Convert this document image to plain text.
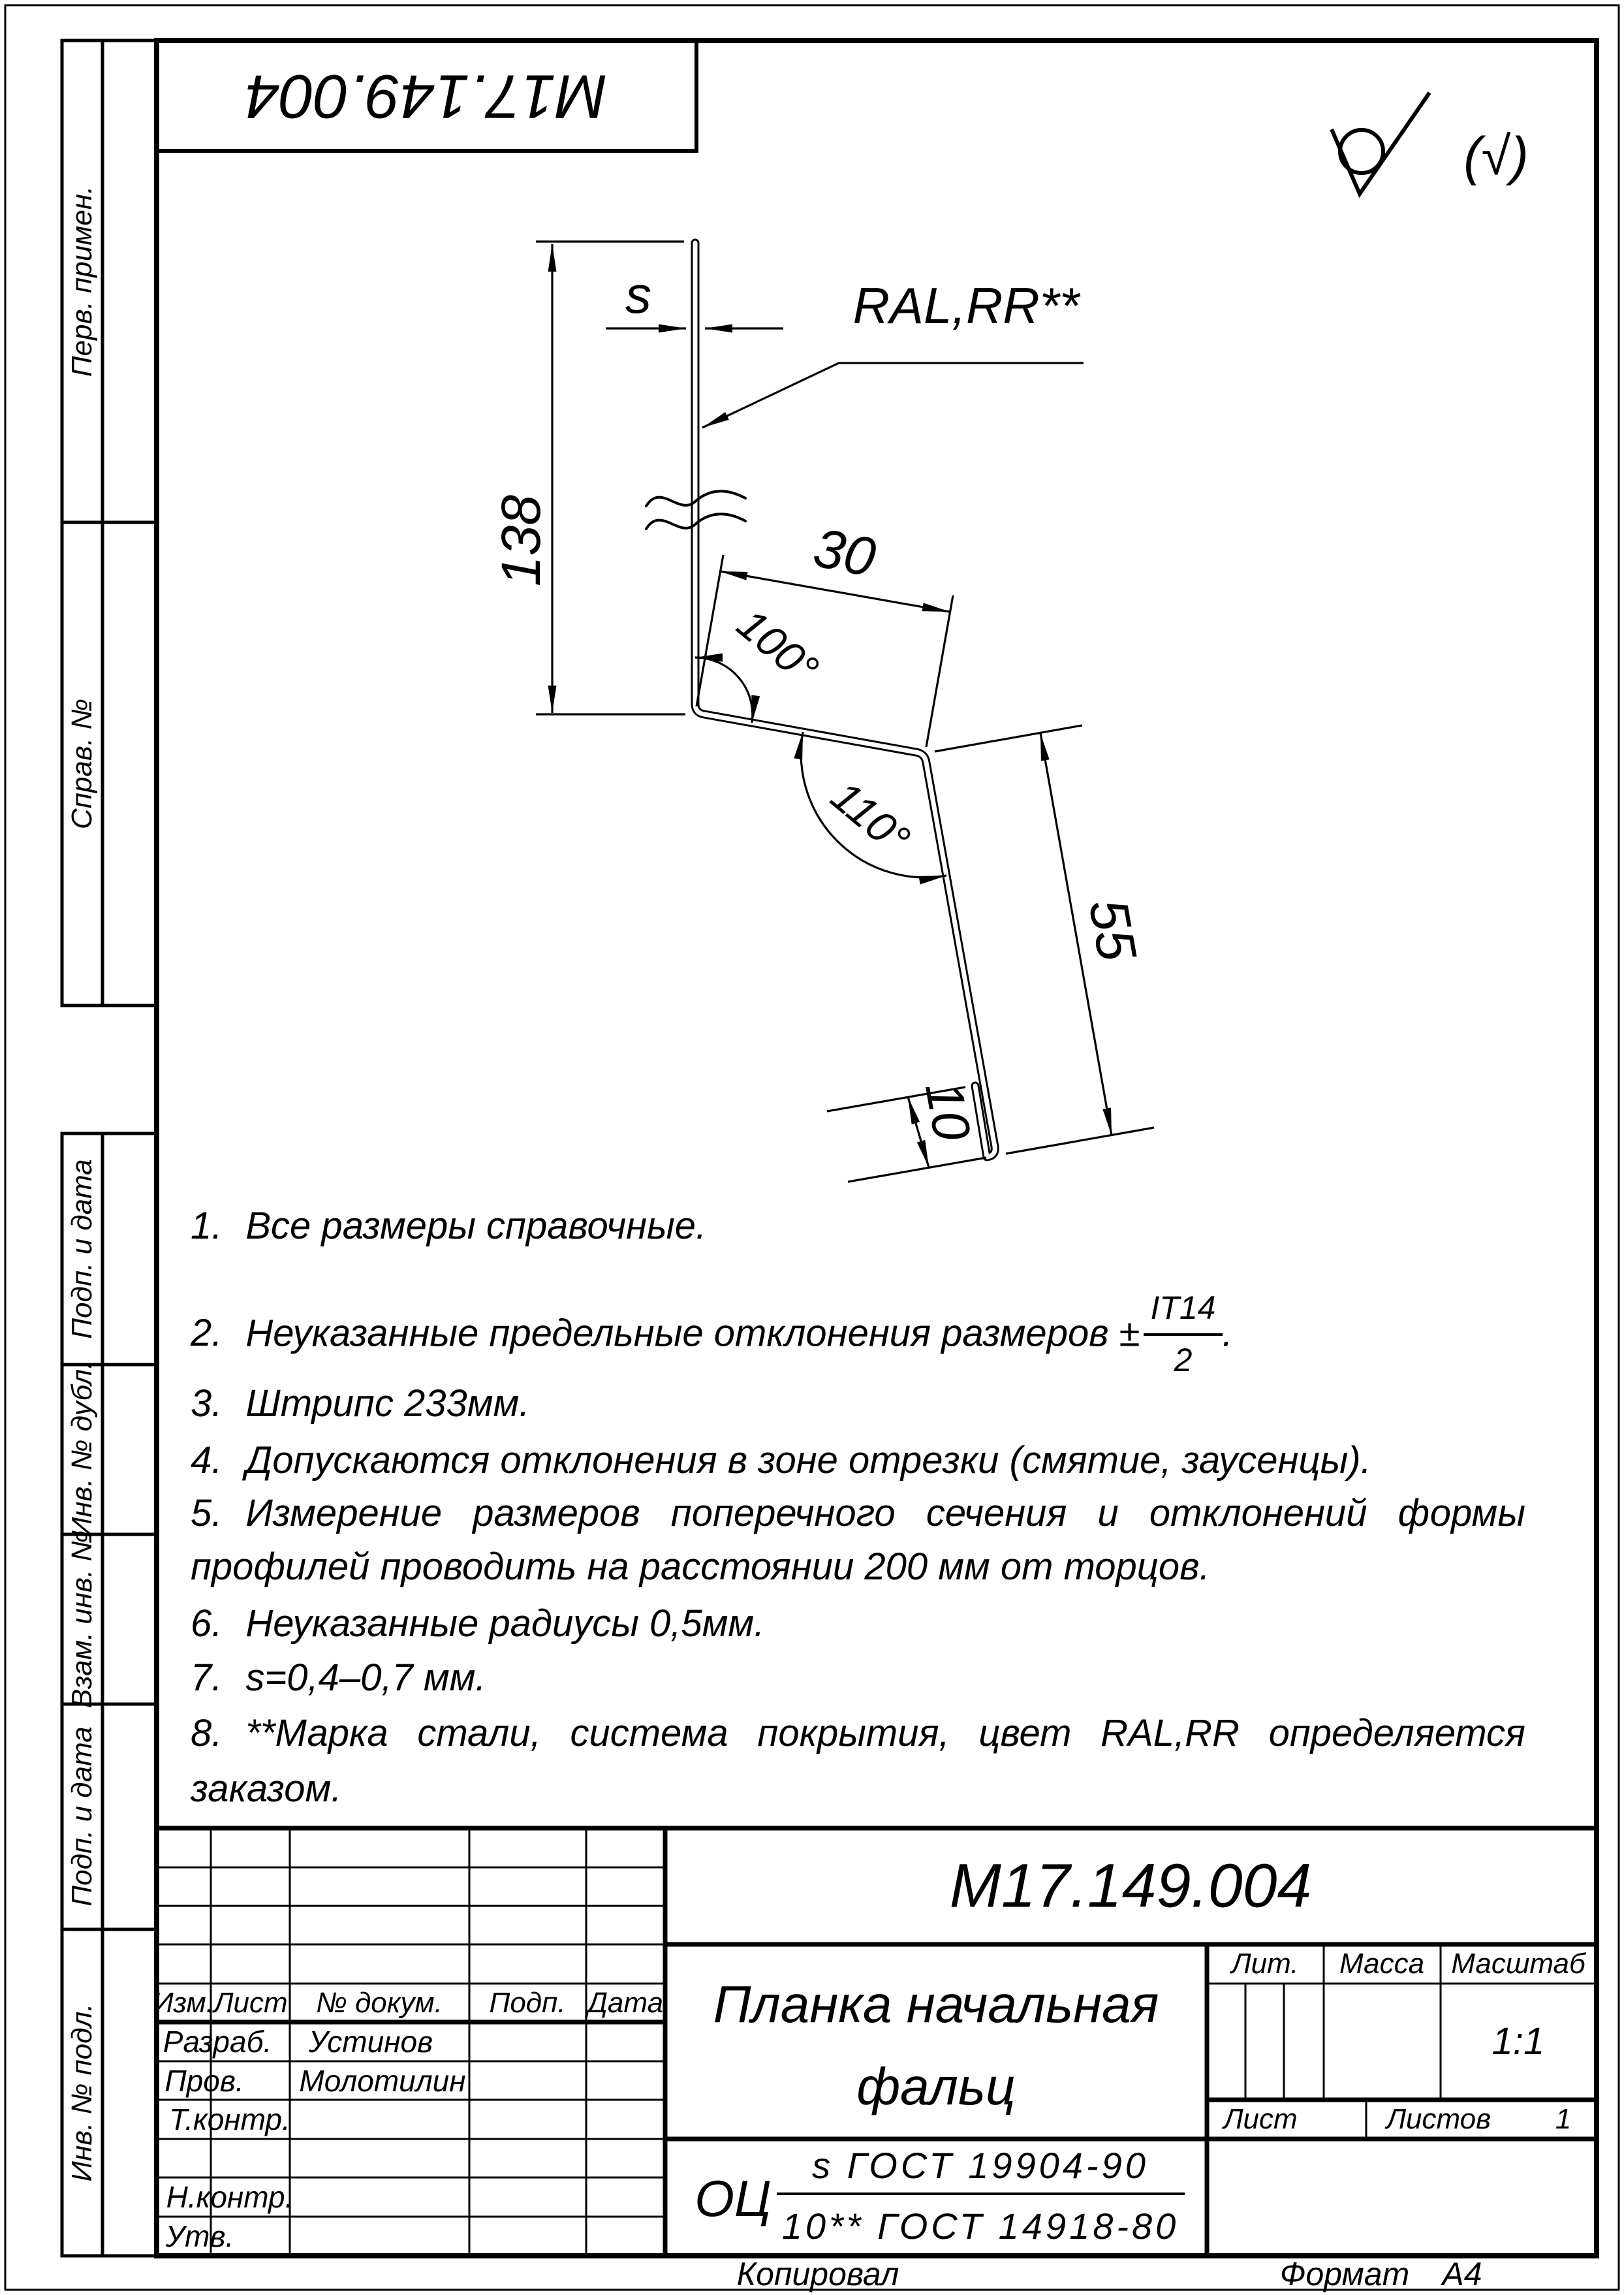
М17.149.004
(√)
Перв. примен.
Справ. №
Подп. и дата
Инв. № дубл.
Взам. инв. №
Подп. и дата
Инв. № подл.
s
138
RAL,RR**
30
100°
110°
55
10
1. Все размеры справочные.
2. Неуказанные предельные отклонения размеров ± $\frac{IT14}{2}$ .
3. Штрипс 233мм.
4. Допускаются отклонения в зоне отрезки (смятие, заусенцы).
5. Измерение размеров поперечного сечения и отклонений формы
профилей проводить на расстоянии 200 мм от торцов.
6. Неуказанные радиусы 0,5мм.
7. s=0,4–0,7 мм.
8. **Марка стали, система покрытия, цвет RAL,RR определяется
заказом.
М17.149.004
Планка начальная
фальц
ОЦ
s ГОСТ 19904-90
10** ГОСТ 14918-80
Изм. Лист № докум. Подп. Дата
Разраб. Устинов
Пров. Молотилин
Т.контр.
Н.контр.
Утв.
Лит. Масса Масштаб
1:1
Лист	Листов 1
Копировал	Формат А4
